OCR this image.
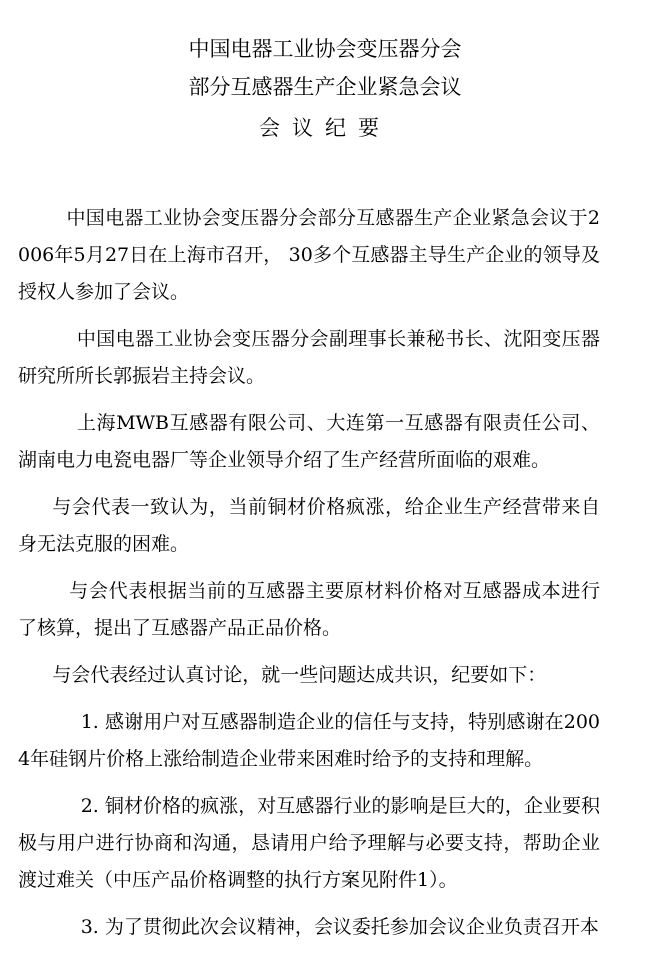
中国电器工业协会变压器分会
部分互感器生产企业紧急会议
会议纪要

中国电器工业协会变压器分会部分互感器生产企业紧急会议于2006年5月27日在上海市召开， 30多个互感器主导生产企业的领导及授权人参加了会议。

中国电器工业协会变压器分会副理事长兼秘书长、沈阳变压器研究所所长郭振岩主持会议。

上海MWB互感器有限公司、大连第一互感器有限责任公司、湖南电力电瓷电器厂等企业领导介绍了生产经营所面临的艰难。

与会代表一致认为，当前铜材价格疯涨，给企业生产经营带来自身无法克服的困难。

与会代表根据当前的互感器主要原材料价格对互感器成本进行了核算，提出了互感器产品正品价格。

与会代表经过认真讨论，就一些问题达成共识，纪要如下：

1. 感谢用户对互感器制造企业的信任与支持，特别感谢在2004年硅钢片价格上涨给制造企业带来困难时给予的支持和理解。

2. 铜材价格的疯涨，对互感器行业的影响是巨大的，企业要积极与用户进行协商和沟通，恳请用户给予理解与必要支持，帮助企业渡过难关（中压产品价格调整的执行方案见附件1）。

3. 为了贯彻此次会议精神，会议委托参加会议企业负责召开本
